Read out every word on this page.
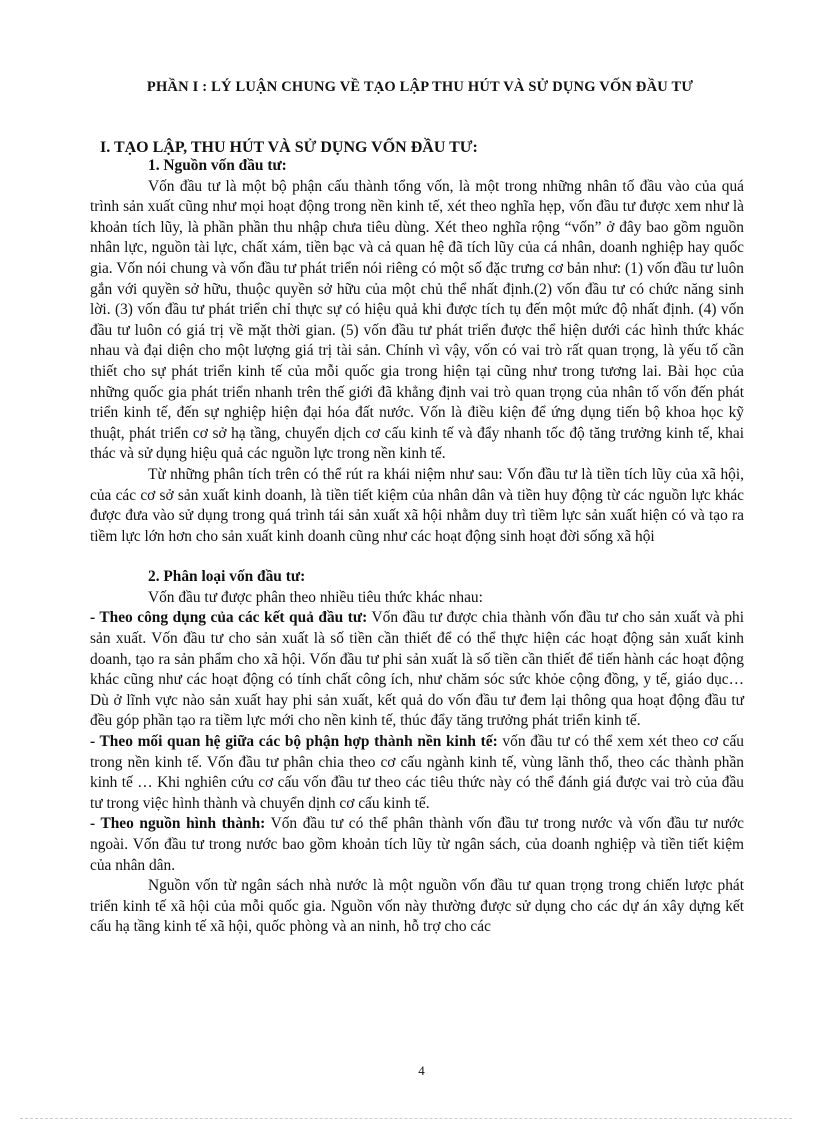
PHẦN I : LÝ LUẬN CHUNG VỀ TẠO LẬP THU HÚT VÀ SỬ DỤNG VỐN ĐẦU TƯ
I. TẠO LẬP, THU HÚT VÀ SỬ DỤNG VỐN ĐẦU TƯ:

1. Nguồn vốn đầu tư:

Vốn đầu tư là một bộ phận cấu thành tổng vốn, là một trong những nhân tố đầu vào của quá trình sản xuất cũng như mọi hoạt động trong nền kinh tế, xét theo nghĩa hẹp, vốn đầu tư được xem như là khoản tích lũy, là phần phần thu nhập chưa tiêu dùng. Xét theo nghĩa rộng “vốn” ở đây bao gồm nguồn nhân lực, nguồn tài lực, chất xám, tiền bạc và cả quan hệ đã tích lũy của cá nhân, doanh nghiệp hay quốc gia. Vốn nói chung và vốn đầu tư phát triển nói riêng có một số đặc trưng cơ bản như: (1) vốn đầu tư luôn gắn với quyền sở hữu, thuộc quyền sở hữu của một chủ thể nhất định.(2) vốn đầu tư có chức năng sinh lời. (3) vốn đầu tư phát triển chỉ thực sự có hiệu quả khi được tích tụ đến một mức độ nhất định. (4) vốn đầu tư luôn có giá trị về mặt thời gian. (5) vốn đầu tư phát triển được thể hiện dưới các hình thức khác nhau và đại diện cho một lượng giá trị tài sản. Chính vì vậy, vốn có vai trò rất quan trọng, là yếu tố cần thiết cho sự phát triển kinh tế của mỗi quốc gia trong hiện tại cũng như trong tương lai. Bài học của những quốc gia phát triển nhanh trên thế giới đã khẳng định vai trò quan trọng của nhân tố vốn đến phát triển kinh tế, đến sự nghiệp hiện đại hóa đất nước. Vốn là điều kiện để ứng dụng tiến bộ khoa học kỹ thuật, phát triển cơ sở hạ tầng, chuyển dịch cơ cấu kinh tế và đẩy nhanh tốc độ tăng trưởng kinh tế, khai thác và sử dụng hiệu quả các nguồn lực trong nền kinh tế.

Từ những phân tích trên có thể rút ra khái niệm như sau: Vốn đầu tư là tiền tích lũy của xã hội, của các cơ sở sản xuất kinh doanh, là tiền tiết kiệm của nhân dân và tiền huy động từ các nguồn lực khác được đưa vào sử dụng trong quá trình tái sản xuất xã hội nhằm duy trì tiềm lực sản xuất hiện có và tạo ra tiềm lực lớn hơn cho sản xuất kinh doanh cũng như các hoạt động sinh hoạt đời sống xã hội

2. Phân loại vốn đầu tư:

Vốn đầu tư được phân theo nhiều tiêu thức khác nhau:

- Theo công dụng của các kết quả đầu tư: Vốn đầu tư được chia thành vốn đầu tư cho sản xuất và phi sản xuất. Vốn đầu tư cho sản xuất là số tiền cần thiết để có thể thực hiện các hoạt động sản xuất kinh doanh, tạo ra sản phẩm cho xã hội. Vốn đầu tư phi sản xuất là số tiền cần thiết để tiến hành các hoạt động khác cũng như các hoạt động có tính chất công ích, như chăm sóc sức khỏe cộng đồng, y tế, giáo dục… Dù ở lĩnh vực nào sản xuất hay phi sản xuất, kết quả do vốn đầu tư đem lại thông qua hoạt động đầu tư đều góp phần tạo ra tiềm lực mới cho nền kinh tế, thúc đẩy tăng trưởng phát triển kinh tế.

- Theo mối quan hệ giữa các bộ phận hợp thành nền kinh tế: vốn đầu tư có thể xem xét theo cơ cấu trong nền kinh tế. Vốn đầu tư phân chia theo cơ cấu ngành kinh tế, vùng lãnh thổ, theo các thành phần kinh tế … Khi nghiên cứu cơ cấu vốn đầu tư theo các tiêu thức này có thể đánh giá được vai trò của đầu tư trong việc hình thành và chuyển dịnh cơ cấu kinh tế.

- Theo nguồn hình thành: Vốn đầu tư có thể phân thành vốn đầu tư trong nước và vốn đầu tư nước ngoài. Vốn đầu tư trong nước bao gồm khoản tích lũy từ ngân sách, của doanh nghiệp và tiền tiết kiệm của nhân dân.

Nguồn vốn từ ngân sách nhà nước là một nguồn vốn đầu tư quan trọng trong chiến lược phát triển kinh tế xã hội của mỗi quốc gia. Nguồn vốn này thường được sử dụng cho các dự án xây dựng kết cấu hạ tầng kinh tế xã hội, quốc phòng và an ninh, hỗ trợ cho các

4
